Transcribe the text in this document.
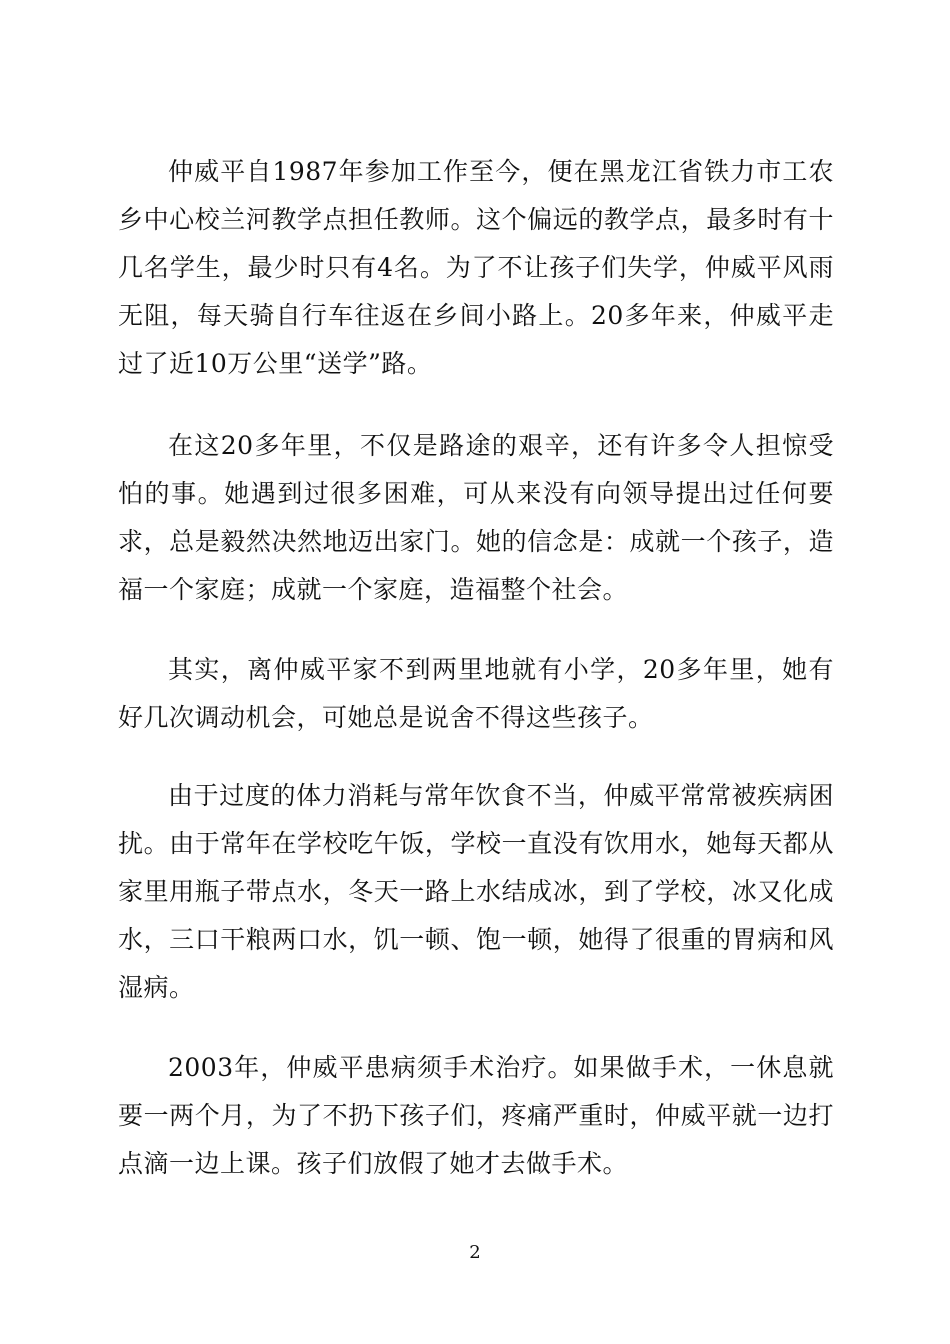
仲威平自1987年参加工作至今，便在黑龙江省铁力市工农乡中心校兰河教学点担任教师。这个偏远的教学点，最多时有十几名学生，最少时只有4名。为了不让孩子们失学，仲威平风雨无阻，每天骑自行车往返在乡间小路上。20多年来，仲威平走过了近10万公里“送学”路。

在这20多年里，不仅是路途的艰辛，还有许多令人担惊受怕的事。她遇到过很多困难，可从来没有向领导提出过任何要求，总是毅然决然地迈出家门。她的信念是：成就一个孩子，造福一个家庭；成就一个家庭，造福整个社会。

其实，离仲威平家不到两里地就有小学，20多年里，她有好几次调动机会，可她总是说舍不得这些孩子。

由于过度的体力消耗与常年饮食不当，仲威平常常被疾病困扰。由于常年在学校吃午饭，学校一直没有饮用水，她每天都从家里用瓶子带点水，冬天一路上水结成冰，到了学校，冰又化成水，三口干粮两口水，饥一顿、饱一顿，她得了很重的胃病和风湿病。

2003年，仲威平患病须手术治疗。如果做手术，一休息就要一两个月，为了不扔下孩子们，疼痛严重时，仲威平就一边打点滴一边上课。孩子们放假了她才去做手术。

2
